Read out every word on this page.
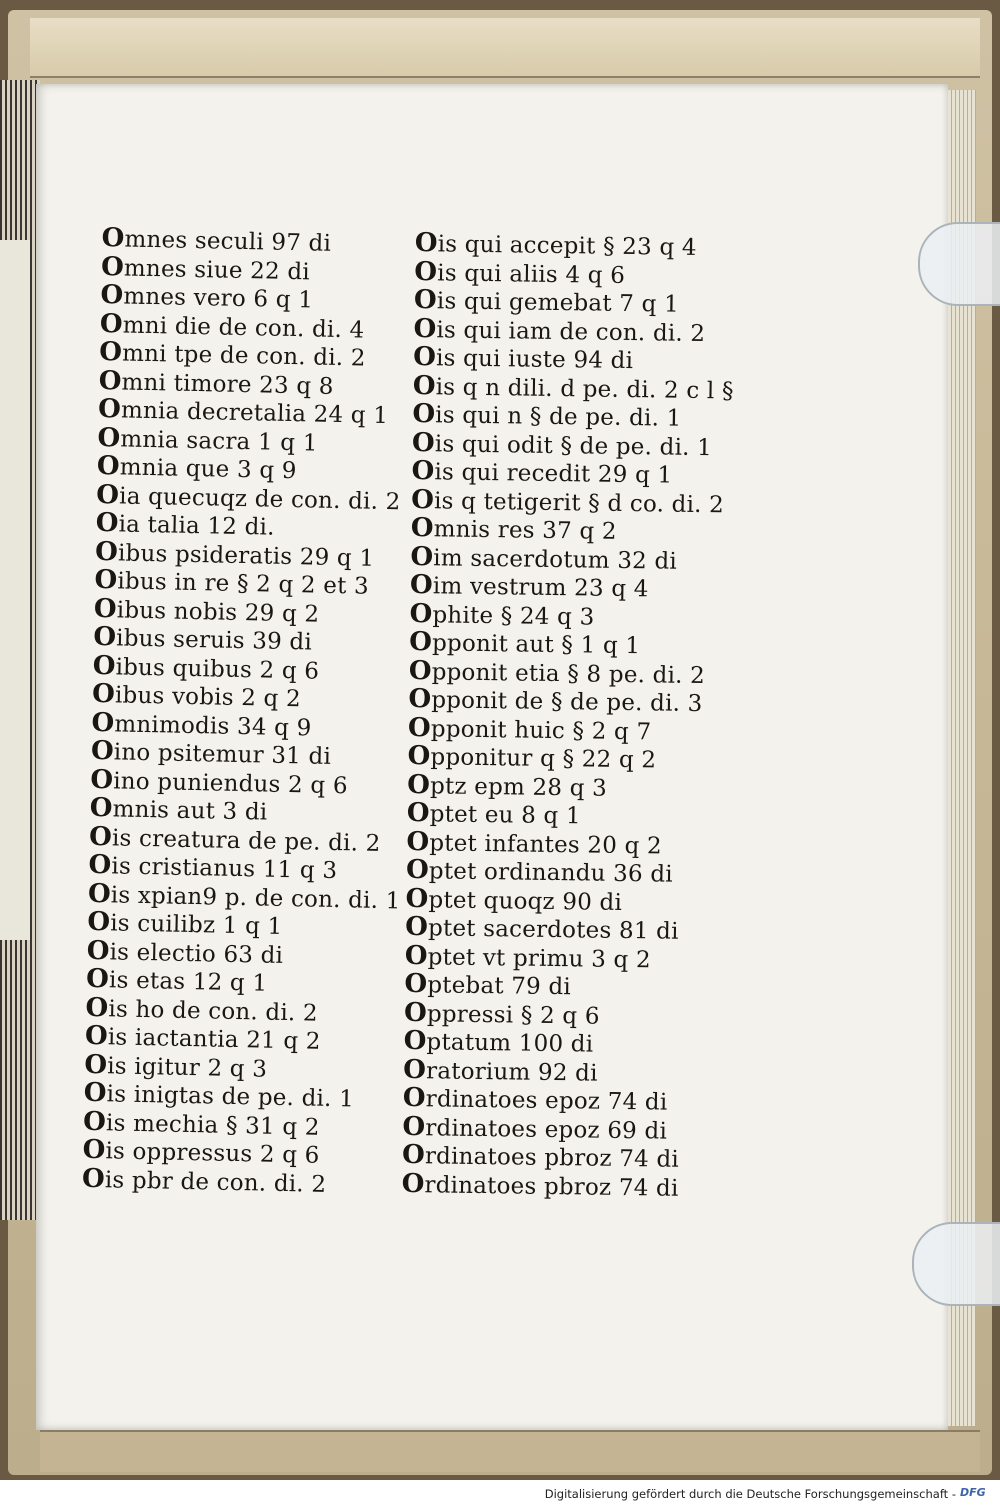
Omnes seculi 97 di
Omnes siue 22 di
Omnes vero 6 q 1
Omni die de con. di. 4
Omni tpe de con. di. 2
Omni timore 23 q 8
Omnia decretalia 24 q 1
Omnia sacra 1 q 1
Omnia que 3 q 9
Oia quecuqz de con. di. 2
Oia talia 12 di.
Oibus psideratis 29 q 1
Oibus in re § 2 q 2 et 3
Oibus nobis 29 q 2
Oibus seruis 39 di
Oibus quibus 2 q 6
Oibus vobis 2 q 2
Omnimodis 34 q 9
Oino psitemur 31 di
Oino puniendus 2 q 6
Omnis aut 3 di
Ois creatura de pe. di. 2
Ois cristianus 11 q 3
Ois xpian9 p. de con. di. 1
Ois cuilibz 1 q 1
Ois electio 63 di
Ois etas 12 q 1
Ois ho de con. di. 2
Ois iactantia 21 q 2
Ois igitur 2 q 3
Ois inigtas de pe. di. 1
Ois mechia § 31 q 2
Ois oppressus 2 q 6
Ois pbr de con. di. 2
Ois qui accepit § 23 q 4
Ois qui aliis 4 q 6
Ois qui gemebat 7 q 1
Ois qui iam de con. di. 2
Ois qui iuste 94 di
Ois q n dili. d pe. di. 2 c l §
Ois qui n § de pe. di. 1
Ois qui odit § de pe. di. 1
Ois qui recedit 29 q 1
Ois q tetigerit § d co. di. 2
Omnis res 37 q 2
Oim sacerdotum 32 di
Oim vestrum 23 q 4
Ophite § 24 q 3
Opponit aut § 1 q 1
Opponit etia § 8 pe. di. 2
Opponit de § de pe. di. 3
Opponit huic § 2 q 7
Opponitur q § 22 q 2
Optz epm 28 q 3
Optet eu 8 q 1
Optet infantes 20 q 2
Optet ordinandu 36 di
Optet quoqz 90 di
Optet sacerdotes 81 di
Optet vt primu 3 q 2
Optebat 79 di
Oppressi § 2 q 6
Optatum 100 di
Oratorium 92 di
Ordinatoes epoz 74 di
Ordinatoes epoz 69 di
Ordinatoes pbroz 74 di
Ordinatoes pbroz 74 di
Digitalisierung gefördert durch die Deutsche Forschungsgemeinschaft - DFG
